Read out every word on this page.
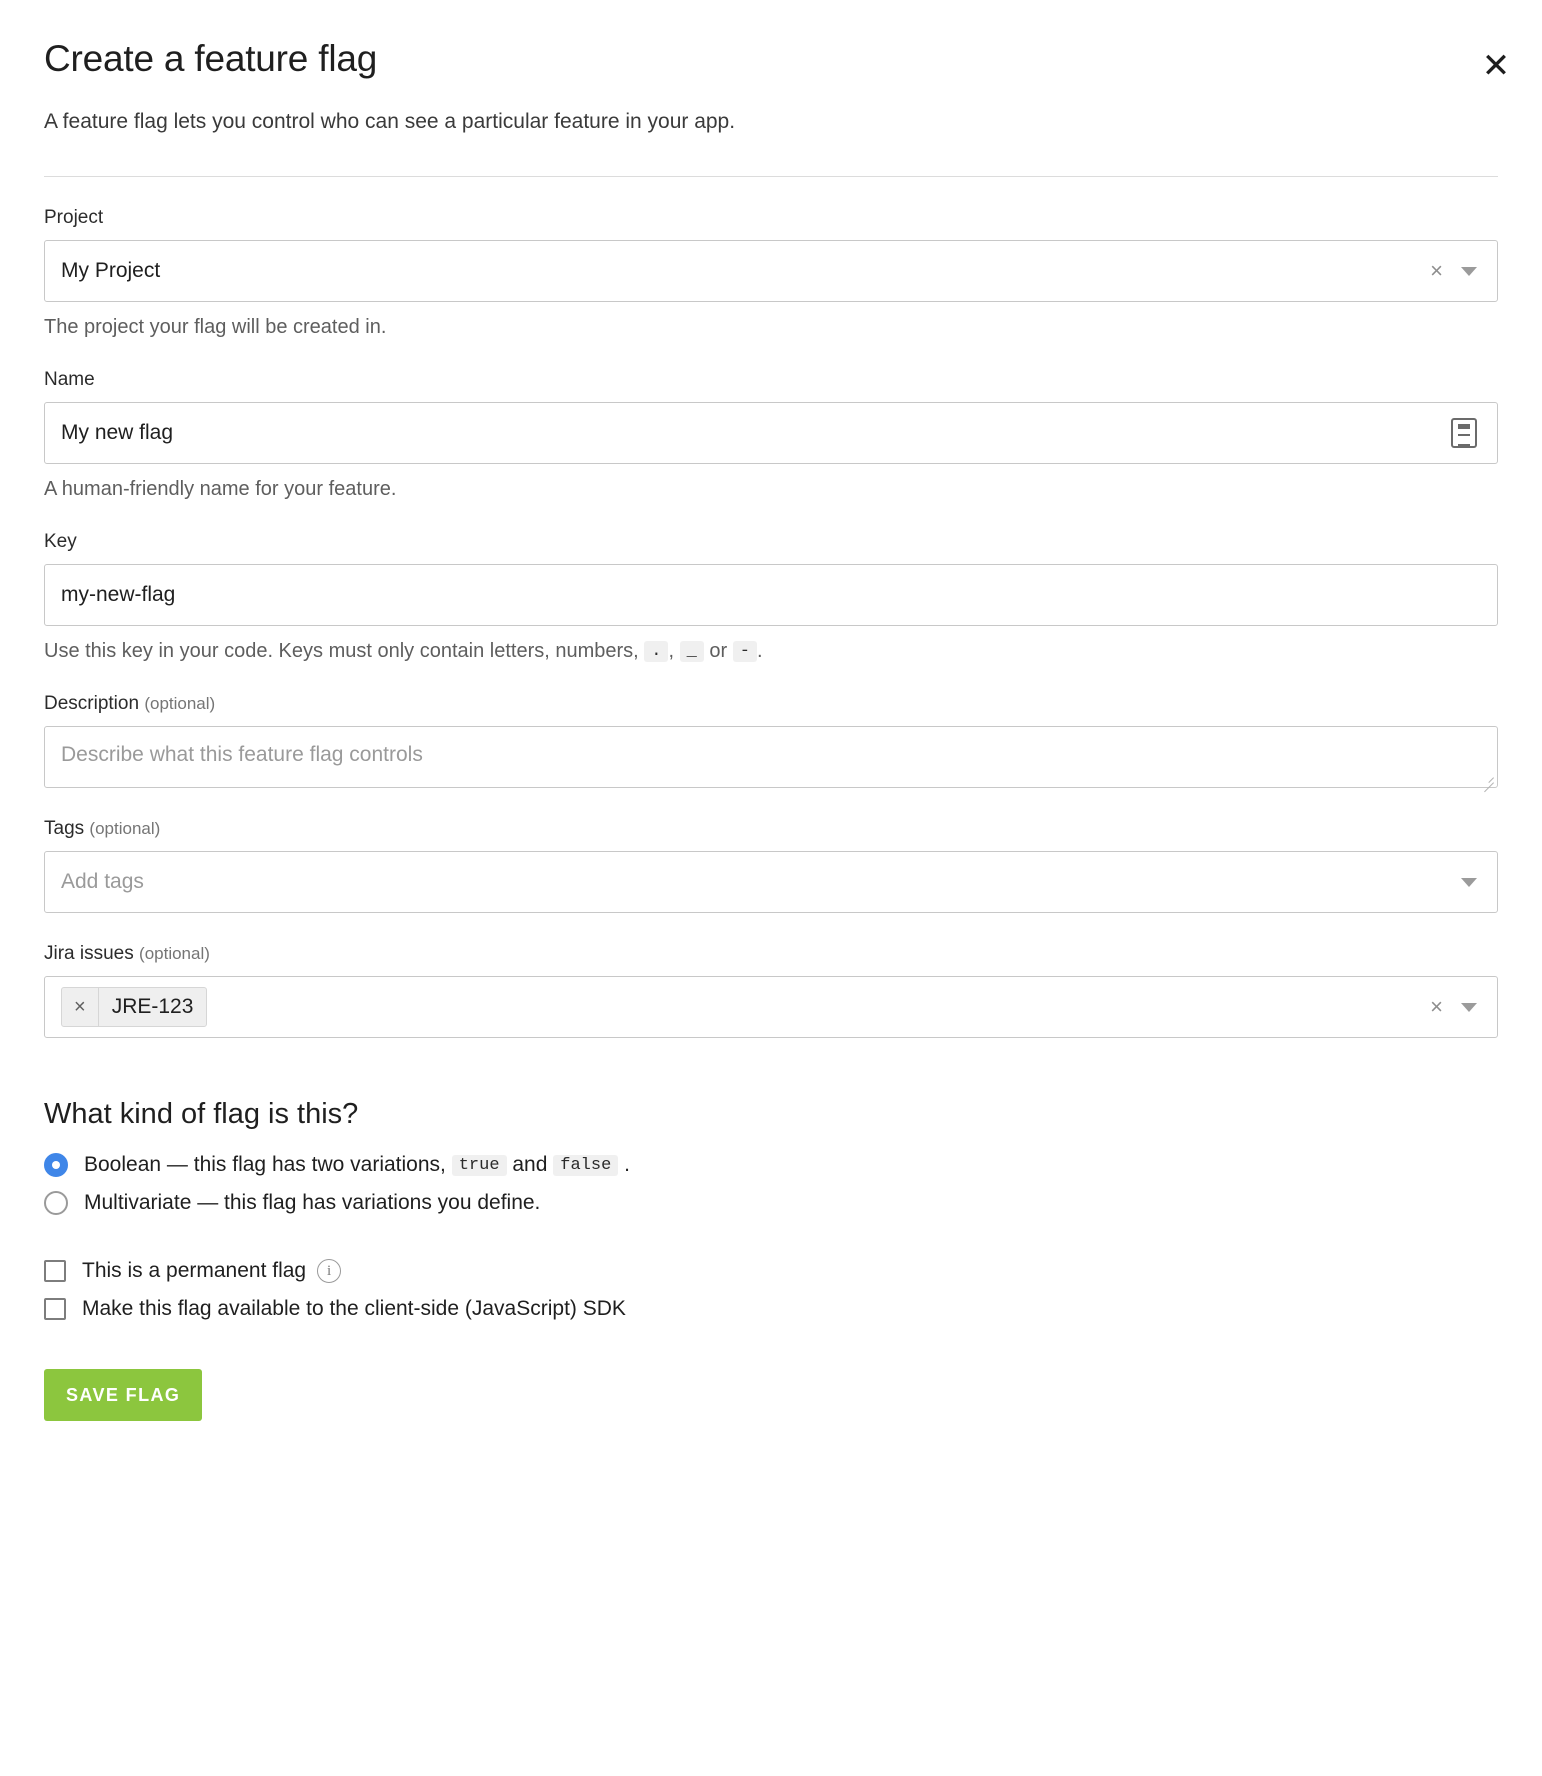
✕
Create a feature flag

A feature flag lets you control who can see a particular feature in your app.

Project
My Project	×
The project your flag will be created in.
Name
My new flag
A human-friendly name for your feature.
Key
my-new-flag
Use this key in your code. Keys must only contain letters, numbers, . , _ or - .
Description (optional)
Describe what this feature flag controls
Tags (optional)
Add tags
Jira issues (optional)
×	JRE-123	×
What kind of flag is this?
Boolean — this flag has two variations, true and false .
Multivariate — this flag has variations you define.
This is a permanent flag	i
Make this flag available to the client-side (JavaScript) SDK
SAVE FLAG
